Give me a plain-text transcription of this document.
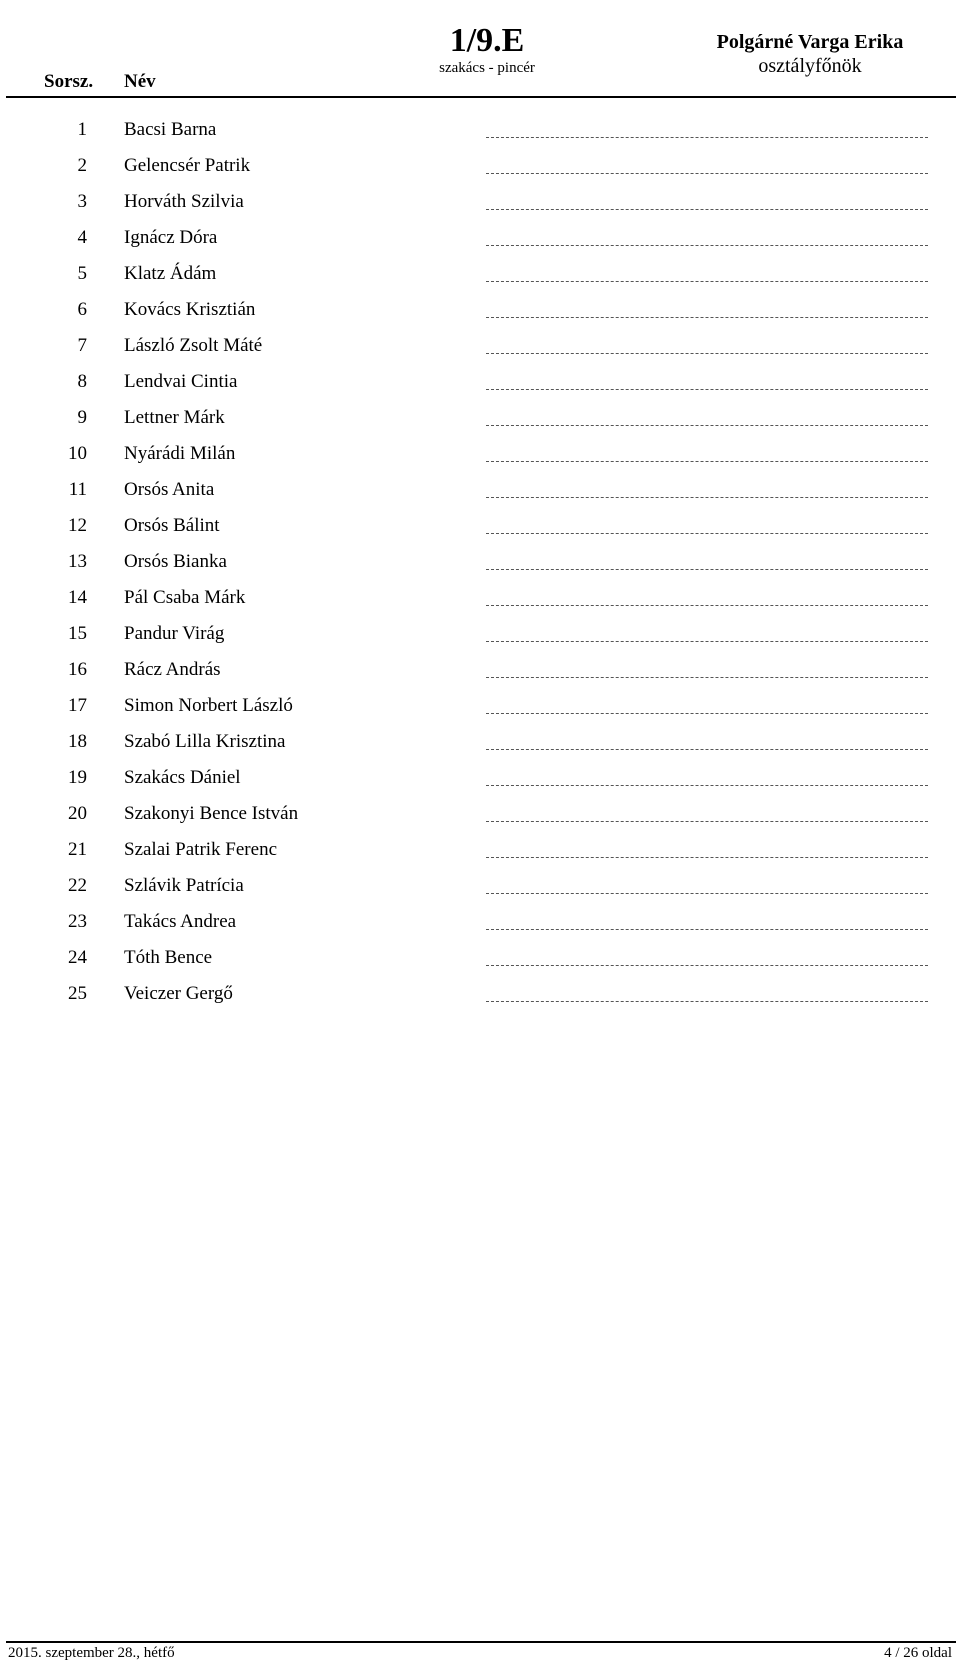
Sorsz. Név
1/9.E
szakács - pincér
Polgárné Varga Erika
osztályfőnök
1 Bacsi Barna
2 Gelencsér Patrik
3 Horváth Szilvia
4 Ignácz Dóra
5 Klatz Ádám
6 Kovács Krisztián
7 László Zsolt Máté
8 Lendvai Cintia
9 Lettner Márk
10 Nyárádi Milán
11 Orsós Anita
12 Orsós Bálint
13 Orsós Bianka
14 Pál Csaba Márk
15 Pandur Virág
16 Rácz András
17 Simon Norbert László
18 Szabó Lilla Krisztina
19 Szakács Dániel
20 Szakonyi Bence István
21 Szalai Patrik Ferenc
22 Szlávik Patrícia
23 Takács Andrea
24 Tóth Bence
25 Veiczer Gergő
2015. szeptember 28., hétfő	4 / 26 oldal
